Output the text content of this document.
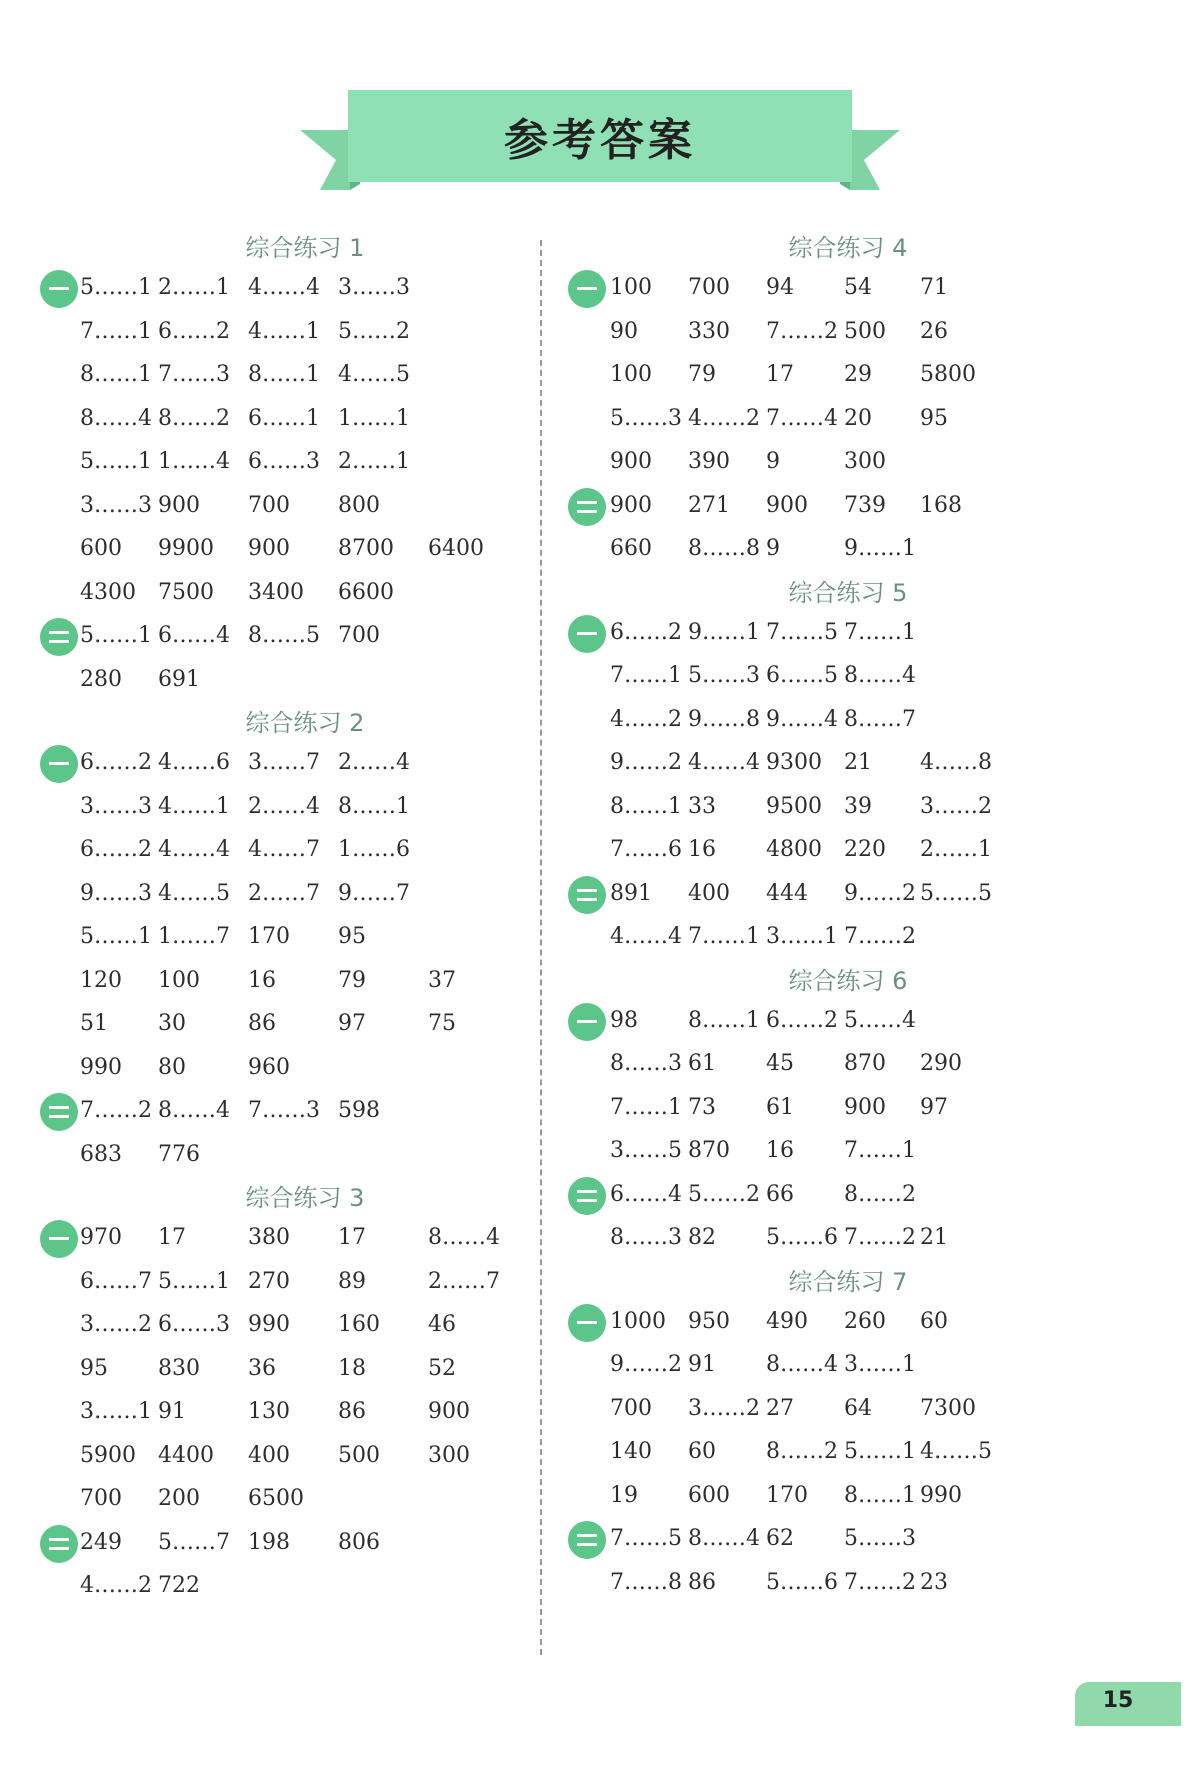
参考答案
综合练习 1
5……1 2……1 4……4 3……3
7……1 6……2 4……1 5……2
8……1 7……3 8……1 4……5
8……4 8……2 6……1 1……1
5……1 1……4 6……3 2……1
3……3 900 700 800
600 9900 900 8700 6400
4300 7500 3400 6600
5……1 6……4 8……5 700
280 691
综合练习 2
6……2 4……6 3……7 2……4
3……3 4……1 2……4 8……1
6……2 4……4 4……7 1……6
9……3 4……5 2……7 9……7
5……1 1……7 170 95
120 100 16	79	37
51 30	86	97	75
990 80	960
7……2 8……4 7……3 598
683 776
综合练习 3
970 17	380 17	8……4
6……7 5……1 270 89	2……7
3……2 6……3 990 160 46
95 830 36	18	52
3……1 91	130 86	900
5900 4400 400 500 300
700 200 6500
249 5……7 198 806
4……2 722
综合练习 4
100 700 94 54 71
90 330 7……2 500 26
100 79 17 29 5800
5……3 4……2 7……4 20 95
900 390 9	300
900 271 900 739 168
660 8……8 9	9……1
综合练习 5
6……2 9……1 7……5 7……1
7……1 5……3 6……5 8……4
4……2 9……8 9……4 8……7
9……2 4……4 9300 21 4……8
8……1 33 9500 39 3……2
7……6 16 4800 220 2……1
891 400 444 9……2 5……5
4……4 7……1 3……1 7……2
综合练习 6
98 8……1 6……2 5……4
8……3 61 45 870 290
7……1 73 61 900 97
3……5 870 16 7……1
6……4 5……2 66 8……2
8……3 82 5……6 7……2 21
综合练习 7
1000 950 490 260 60
9……2 91 8……4 3……1
700 3……2 27 64 7300
140 60 8……2 5……1 4……5
19 600 170 8……1 990
7……5 8……4 62 5……3
7……8 86 5……6 7……2 23
15
